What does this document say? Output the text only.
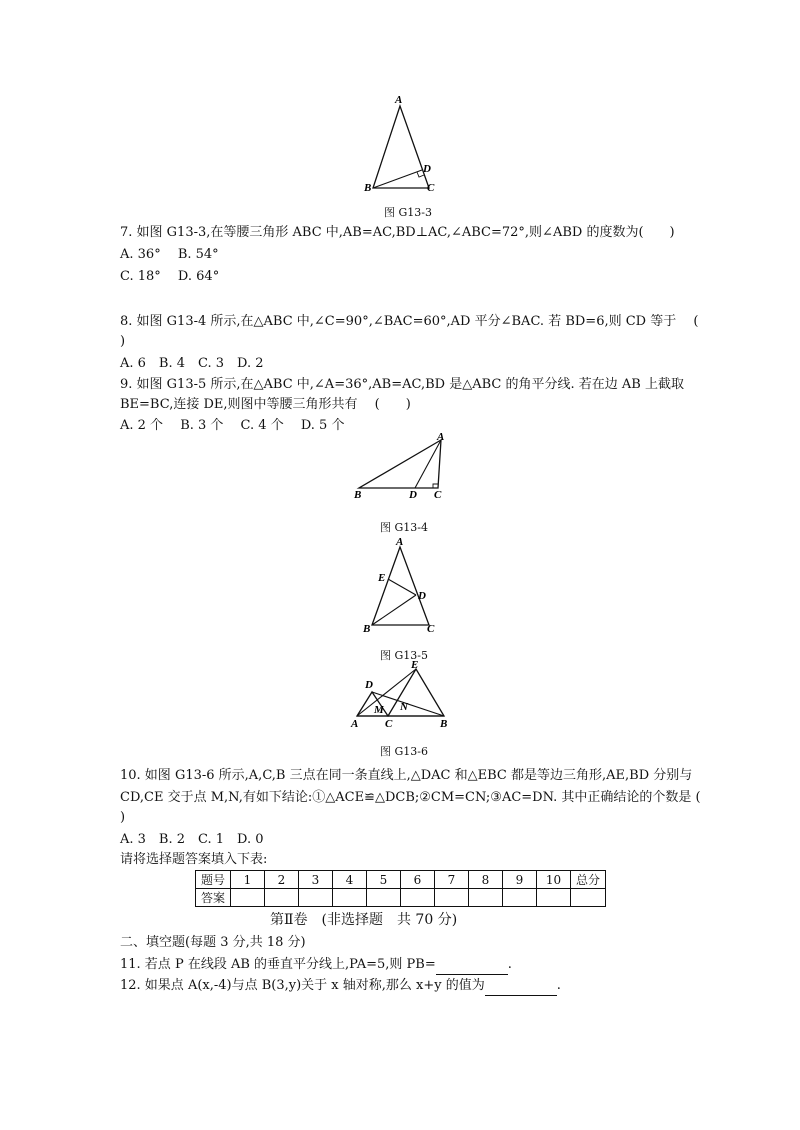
A
B	C
D
图 G13-3
7. 如图 G13-3,在等腰三角形 ABC 中,AB=AC,BD⊥AC,∠ABC=72°,则∠ABD 的度数为(　　)
A. 36°　 B. 54°
C. 18°　 D. 64°
8. 如图 G13-4 所示,在△ABC 中,∠C=90°,∠BAC=60°,AD 平分∠BAC. 若 BD=6,则 CD 等于　 (
)
A. 6　B. 4　C. 3　D. 2
9. 如图 G13-5 所示,在△ABC 中,∠A=36°,AB=AC,BD 是△ABC 的角平分线. 若在边 AB 上截取
BE=BC,连接 DE,则图中等腰三角形共有　 (　　)
A. 2 个　 B. 3 个　 C. 4 个　 D. 5 个
A
B	D C
图 G13-4
A
E
D
B	C
图 G13-5
E
D
M N
A C	B
图 G13-6
10. 如图 G13-6 所示,A,C,B 三点在同一条直线上,△DAC 和△EBC 都是等边三角形,AE,BD 分别与
CD,CE 交于点 M,N,有如下结论:①△ACE≌△DCB;②CM=CN;③AC=DN. 其中正确结论的个数是 (
)
A. 3　B. 2　C. 1　D. 0
请将选择题答案填入下表:
题号	1	2	3	4	5	6	7	8	9	10	总分
答案											
第Ⅱ卷　(非选择题　共 70 分)
二、填空题(每题 3 分,共 18 分)
11. 若点 P 在线段 AB 的垂直平分线上,PA=5,则 PB=	.
12. 如果点 A(x,-4)与点 B(3,y)关于 x 轴对称,那么 x+y 的值为	.
